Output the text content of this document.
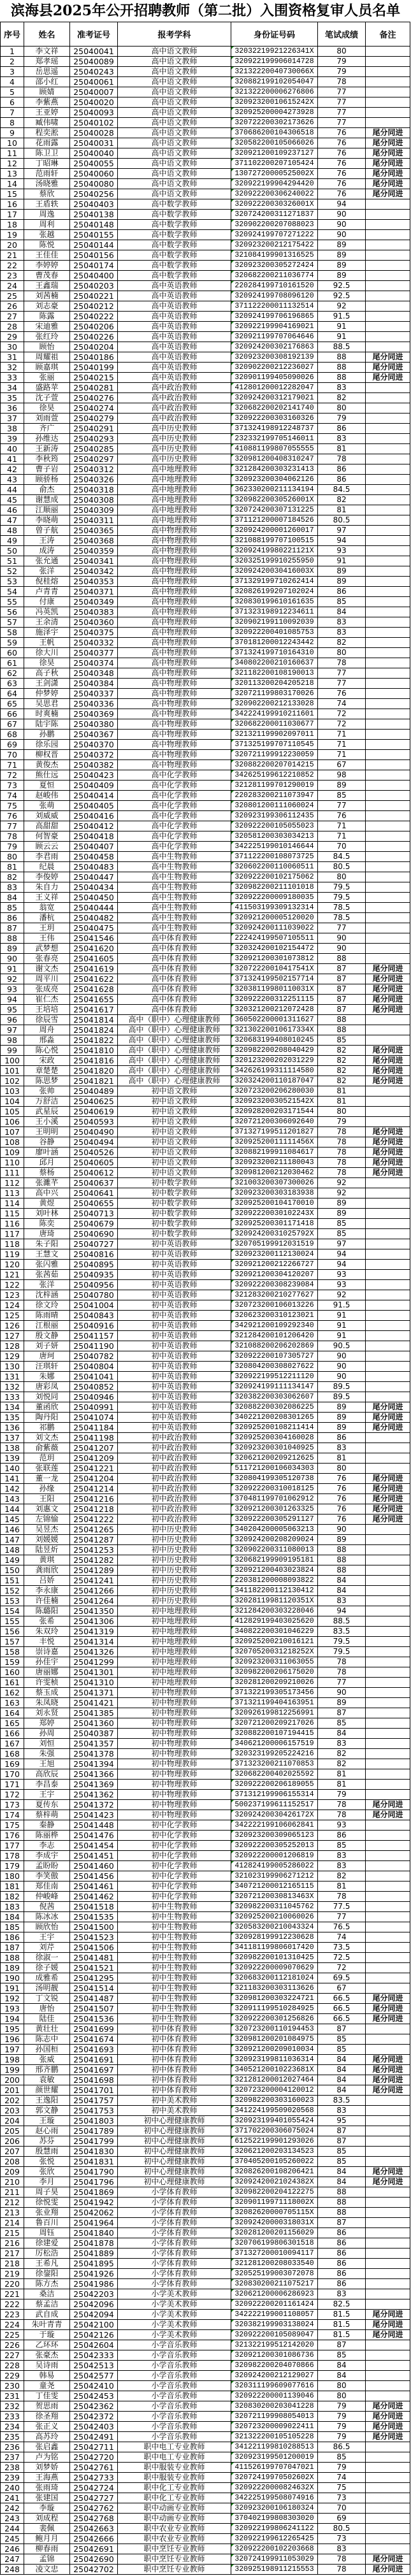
滨海县2025年公开招聘教师（第二批）入围资格复审人员名单
序号	姓名	准考证号	报考学科	身份证号码	笔试成绩	备注
1	李文祥	25040041	高中语文教师	32032219921226341X	80	
2	郑孝瑶	25040089	高中语文教师	320922199906014728	79	
3	岳思遥	25040243	高中语文教师	32132220040730066X	79	
4	邵小红	25040061	高中语文教师	320882199102054047	78	
5	顾婧	25040007	高中语文教师	321322200006276806	77	
6	李紫燕	25040020	高中语文教师	32092320010615242X	77	
7	王亚婷	25040093	高中语文教师	320925200004273928	77	
8	臧伟啸	25040102	高中语文教师	320722200302173626	77	
9	程奕淞	25040028	高中语文教师	370686200104306518	76	尾分同进
10	花雨露	25040031	高中语文教师	320582200105066026	76	尾分同进
11	陈卫卫	25040040	高中语文教师	320921200109237127	76	尾分同进
12	丁昭琳	25040055	高中语文教师	371102200207105424	76	尾分同进
13	范雨轩	25040060	高中语文教师	13072720000525002X	76	尾分同进
14	汤晓雅	25040080	高中语文教师	320922199904294420	76	尾分同进
15	蔡欣	25040256	高中语文教师	320922200306240022	76	尾分同进
16	王盾轶	25040403	高中数学教师	32092220030326001X	94	
17	周逸	25040138	高中数学教师	320724200311271837	90	
18	周利	25040148	高中数学教师	320902200207088023	90	
19	张越	25040155	高中数学教师	320924199707271222	90	
20	陈悦	25040144	高中数学教师	320923200212175422	89	
21	王佳佳	25040156	高中数学教师	321084199901316525	89	
22	李婷婷	25040174	高中数学教师	320923200305272424	89	
23	曹茂春	25040400	高中数学教师	320682200211036774	89	
24	王鑫瑞	25040203	高中英语教师	220284199710161520	92.5	
25	刘茜楠	25040221	高中英语教师	320924199708096120	92.5	
26	刘志豪	25040212	高中英语教师	371122200011132514	92	
27	陈露	25040222	高中英语教师	320924199706196865	91.5	
28	宋迪雅	25040206	高中英语教师	320922199904169021	91	
29	张红玲	25040226	高中英语教师	320921199707064646	91	
30	顾怡	25040204	高中英语教师	320924200302176863	88.5	
31	周耀祖	25040186	高中英语教师	320923200308192139	88	尾分同进
32	顾嘉琪	25040199	高中英语教师	320902200212236027	88	尾分同进
33	张丽	25040215	高中英语教师	320901199405090026	88	尾分同进
34	盛路苹	25040281	高中政治教师	412801200012282047	83	
35	沈子萱	25040276	高中政治教师	320924200312179021	82	
36	徐昊	25040274	高中政治教师	320682200202141740	80	
37	刘雨萱	25040279	高中政治教师	320922200303160326	79	
38	齐广	25040291	高中历史教师	371324198912248737	86	
39	孙维达	25040293	高中历史教师	232332199705146011	83	
40	王新涛	25040285	高中历史教师	410881199807055555	81	
41	李秋筠	25040297	高中历史教师	320981200408310247	78	
42	曹子岩	25040312	高中地理教师	321284200303231413	86	
43	顾骄杨	25040326	高中地理教师	320923200304062126	86	
44	俞杰	25040318	高中地理教师	362330200211134194	84.5	
45	谢慧成	25040308	高中地理教师	32098220030526001X	82	
46	江顺丽	25040309	高中地理教师	320724200307131225	81	
47	李晓萌	25040311	高中地理教师	371121200007184526	80.5	
48	曾子航	25040365	高中物理教师	320924200001260017	97	
49	王涛	25040368	高中物理教师	321088199707100515	94	
50	成涛	25040359	高中物理教师	32092419980221121X	93	
51	张允通	25040341	高中物理教师	320325199910255950	91	
52	张洋	25040342	高中物理教师	32092420030416003X	89	
53	倪桂熔	25040353	高中物理教师	371329199710262414	89	
54	卢青青	25040371	高中物理教师	320826199207102024	86	
55	付康	25040349	高中物理教师	320830199610161635	85	
56	冯英凯	25040383	高中物理教师	371323198912234611	84	
57	王余清	25040360	高中物理教师	320902199110092039	83	
58	施泽宇	25040375	高中物理教师	320922200401085753	83	
59	王帆	25040332	高中物理教师	370181200012243442	82	
60	徐大川	25040377	高中物理教师	371324199710164310	80	
61	徐昊	25040374	高中物理教师	340802200210160637	78	
62	高子秋	25040348	高中物理教师	321182200108190013	77	
63	王剑潇	25040384	高中物理教师	320113200204205218	77	
64	仲梦婷	25040337	高中物理教师	320721199803170026	76	
65	吴思君	25040336	高中物理教师	320902200212133028	74	
66	时爽楠	25040369	高中物理教师	342224199910211601	72	
67	陆宇陈	25040380	高中物理教师	320682200011030677	72	
68	孙鹏	25040367	高中物理教师	321321199902097011	71	
69	徐乐园	25040370	高中物理教师	371325199707110545	71	
70	柳权晋	25040372	高中物理教师	320721199912230059	71	
71	黄俊杰	25040382	高中物理教师	320882200207014215	67	
72	熊仕远	25040423	高中化学教师	342625199612210852	98	
73	夏恒	25040409	高中化学教师	321281199701290019	89	
74	赵峻伟	25040414	高中化学教师	220283200211073947	85	
75	张萌	25040405	高中化学教师	320801200111060024	77	
76	刘威威	25040416	高中化学教师	320923199306112435	76	
77	高甜甜	25040412	高中化学教师	320922200105055023	71	
78	何智豪	25040418	高中化学教师	320581200303034213	71	
79	顾云云	25040407	高中化学教师	342225199010146644	70	
80	李君雨	25040458	高中生物教师	371122200108073725	84.5	
81	纪晨	25040483	高中生物教师	320602200110060511	80.5	
82	李俊婷	25040447	高中生物教师	320922200102175062	80	
83	朱自力	25040434	高中生物教师	320982200211101018	79.5	
84	王义祥	25040450	高中生物教师	320922200009180035	79.5	
85	翁宽	25040444	高中生物教师	411503199309132314	78.5	
86	潘杭	25040482	高中生物教师	320921200005120020	78.5	
87	王玥	25040475	高中生物教师	320924200111039022	77	
88	王伟	25041546	高中体育教师	222424199507105511	90	
89	武梦想	25041620	高中体育教师	320324200102154472	90	
90	张春亮	25041605	高中体育教师	320921200301073812	88	
91	谢文杰	25041619	高中体育教师	32072220010417541X	87	尾分同进
92	周平川	25041622	高中体育教师	371324199502157714	87	尾分同进
93	张成亮	25041628	高中体育教师	32038119980110031X	87	尾分同进
94	崔仁杰	25041655	高中体育教师	320922200312251115	87	尾分同进
95	王培培	25041617	高中体育教师	320321200212072428	87	尾分同进
96	徐辰雪	25041814	高中（职中）心理健康教师	360502200001311627	88	
97	周舟	25041824	高中（职中）心理健康教师	32130220010617334X	88	
98	邢淼	25041822	高中（职中）心理健康教师	320683199408010245	85	
99	陈心悦	25041810	高中（职中）心理健康教师	320982200208040429	82	尾分同进
100	宋政	25041816	高中（职中）心理健康教师	320123200202031229	82	尾分同进
101	章楚楚	25041820	高中（职中）心理健康教师	342626199311114580	82	尾分同进
102	陈思梦	25041821	高中（职中）心理健康教师	320324200110187047	82	尾分同进
103	张帅	25040489	初中语文教师	320723200206280030	81	
104	万舒洁	25040625	初中语文教师	32092320030521542X	81	
105	武星辰	25040619	初中语文教师	320928200203171544	80	
106	王小溪	25040593	初中语文教师	320721200306092640	79	
107	王明明	25040490	初中语文教师	371327199511201827	78	尾分同进
108	谷静	25040494	初中语文教师	32092520011111456X	78	尾分同进
109	廖叶涵	25040526	初中语文教师	320882199911084617	78	尾分同进
110	邱月	25040605	初中语文教师	320923200211180043	78	尾分同进
111	蔡杨	25040612	初中语文教师	320981200212030462	78	尾分同进
112	张濉芊	25040637	初中数学教师	321003200307300026	92	
113	高中兴	25040641	初中数学教师	320923200303183938	92	
114	黄煜	25040655	初中数学教师	320925200104170010	89	
115	刘叶林	25040713	初中数学教师	32092220030102243X	89	
116	陈奕	25040679	初中数学教师	320925200301171418	85	
117	唐琦	25040690	初中数学教师	32092420031025792X	85	
118	朱子阳	25040727	初中英语教师	320705199912031519	97	
119	王慧文	25040816	初中英语教师	320923200112130024	94	
120	张闪雅	25040895	初中英语教师	320921200212266727	94	
121	张茜茹	25040935	初中英语教师	320921200304120207	93	
122	张洋	25040956	初中英语教师	320922200308239084	93	
123	沈梓涵	25040780	初中英语教师	321283200210277627	92	
124	徐文玲	25041004	初中英语教师	320723200106013226	91.5	
125	陈雨晴	25040843	初中英语教师	320623200310123021	91	
126	江根丽	25040916	初中英语教师	342921200109292340	91	
127	殷文静	25041157	初中英语教师	321284200101206420	91	
128	刘子妍	25041190	初中英语教师	321088200206202869	90.5	
129	唐珂	25040782	初中英语教师	320922200107305727	90	
130	汪琪轩	25040804	初中英语教师	320804200308027622	90	
131	朱娜	25041041	初中英语教师	320922199512211120	90	
132	唐彩凤	25040852	初中英语教师	320924199111134147	89.5	
133	刘悦同	25040946	初中英语教师	320382200303062607	89.5	
134	董函欣	25040991	初中英语教师	320882200302086225	89	尾分同进
135	陶丹阳	25041074	初中英语教师	340221200208301265	89	尾分同进
136	祁鹏	25041184	初中英语教师	320925200108211414	89	尾分同进
137	刘文杰	25041198	初中政治教师	320925200304160028	86	
138	俞紫薇	25041207	初中政治教师	320923200301040925	83	
139	范玥	25041209	初中政治教师	320621200209212625	81	
140	张联莲	25041221	初中政治教师	511721200106034303	80	
141	董一龙	25041204	初中政治教师	320804199305120738	76	尾分同进
142	孙缘	25041214	初中政治教师	320922200310018125	76	尾分同进
143	王阳	25041216	初中政治教师	370481199701062912	76	尾分同进
144	刘惠文	25041218	初中政治教师	320921200301263325	76	尾分同进
145	左锦愉	25041222	初中政治教师	320922200305291127	76	尾分同进
146	吴昱杰	25041265	初中历史教师	340204200005063213	90	
147	刘媛媛	25041287	初中历史教师	320924200208209024	89	
148	陆昱炘	25041253	初中历史教师	320902200311080013	88	
149	黄琪	25041282	初中历史教师	320682199909195181	88	
150	龚雨欣	25041289	初中历史教师	320921200403023824	88	
151	吕娇	25041241	初中历史教师	220381200008093822	84	
152	李永康	25041266	初中历史教师	341182200112130412	84	
153	许佳楠	25041264	初中历史教师	32028119981120351X	83	
154	陈璐阳	25041350	初中地理教师	321284200303228046	94	
155	张希	25041306	初中地理教师	412829199403025620	88.5	
156	朱双玲	25041319	初中地理教师	340822200301046229	83.5	
157	丰悦	25041314	初中地理教师	320925200210016121	79.5	
158	崇诗嘉	25041326	初中地理教师	32070520031218252X	79.5	
159	孙佳宇	25041299	初中地理教师	320923200311063055	78	
160	唐丽娜	25041301	初中地理教师	320982200206175020	78	
161	许雯桢	25041310	初中地理教师	320281200209210026	77	
162	蔡玉成	25041371	初中物理教师	371322199305173456	90	
163	朱凤晓	25041421	初中物理教师	371321199404163951	89	
164	刘永贤	25041385	初中物理教师	320926199812256991	87	
165	郑婷	25041360	初中物理教师	320721200209217026	85	
166	孙周	25040387	初中物理教师	320882200107194415	84	
167	刘恒	25041357	初中物理教师	340621200006157519	83	
168	朱强	25041378	初中物理教师	320323199205224216	82	
169	王旭	25041394	初中物理教师	371323200211070853	82	
170	高欣辰	25041366	初中物理教师	320682200402025592	81	
171	李昌泰	25041369	初中物理教师	320922200206189055	81	
172	王宇	25041362	初中物理教师	371312199906155314	79	
173	夏传东	25041372	初中物理教师	500237199611152517	78	尾分同进
174	蔡梓萌	25041423	初中物理教师	32092420030426172X	78	尾分同进
175	秦静	25041448	初中化学教师	342222199106062841	93	
176	陈丽桦	25041476	初中化学教师	320923200309065123	86	
177	李志	25041454	初中化学教师	320922200305252013	85	
178	李成宇	25041451	初中化学教师	320922200001206819	83	
179	孟盼盼	25041460	初中化学教师	412824199005286022	83	
180	李笑傲	25041456	初中化学教师	321023199906271212	82	
181	郑佳南	25041461	初中化学教师	340721200012165115	81	
182	仲峻峰	25041462	初中化学教师	32072120030813463X	78	
183	倪茜	25041518	初中生物教师	320982200311045762	77.5	
184	陈冰冰	25041535	初中生物教师	320925200210060026	77	
185	顾欣怡	25041500	初中生物教师	320583200210043324	76.5	
186	王宇	25041523	初中生物教师	320928199912230628	74	
187	刘芹	25041506	初中生物教师	341181199806017420	73.5	
188	徐淑一	25041481	初中生物教师	320982200101310425	72.5	
189	徐子媛	25041521	初中生物教师	320922200009070629	72	
190	成雅希	25041295	初中生物教师	320683200112181024	69.5	
191	汤明靓	25041514	初中生物教师	321183200303113626	67	
192	丁文锐	25041487	初中生物教师	320981200303224721	66.5	尾分同进
193	唐怡	25041507	初中生物教师	320911199510284925	66.5	尾分同进
194	陆佳	25041536	初中生物教师	320922200301256826	66.5	尾分同进
195	黄壮壮	25041699	初中体育教师	320723200110194453	87	
196	陈志中	25041674	初中体育教师	320981200201084975	85	
197	孙国桓	25041693	初中体育教师	320921200209010034	85	
198	张威	25041691	初中体育教师	320923199811036314	84	尾分同进
199	邢齐鹏	25041697	初中体育教师	34052120010223681X	84	尾分同进
200	袁敏	25041698	初中体育教师	321281200012027464	84	尾分同进
201	颜世耀	25041701	初中体育教师	320723200004120012	84	尾分同进
202	王逸阳	25041757	初中美术教师	320982200303160023	83.5	
203	郭文静	25041753	初中美术教师	341224199509020568	83	
204	王璇	25041803	初中心理健康教师	320923199401055424	95	
205	赵心雨	25041789	初中心理健康教师	371702200306075024	87	
206	苏芬	25041799	初中心理健康教师	612522199901293026	87	
207	殷慧雨	25041830	初中心理健康教师	320621200203134523	85	
208	张悦	25041831	初中心理健康教师	370405200105260022	85	
209	张欣	25041790	初中心理健康教师	320826200108206421	84	尾分同进
210	李月	25041796	初中心理健康教师	32092420021024382X	84	尾分同进
211	周子昊	25041869	小学体育教师	320982200204122275	88	
212	徐悦雯	25041942	小学体育教师	32090119971118002X	88	
213	张业翔	25042062	小学体育教师	32082620000705115X	88	
214	鲁百川	25041964	小学体育教师	32092420000318031X	87	
215	周钰	25041840	小学体育教师	320281200201156029	86	
216	徐建爱	25041878	小学体育教师	320706199806301518	86	
217	厉松浩	25041889	小学体育教师	371327200010094117	86	
218	王希凡	25041895	小学体育教师	321281200208033540	86	
219	徐鋆阳	25041926	小学体育教师	320525199003072078	86	
220	陈方杰	25041986	小学体育教师	320830200211075217	86	
221	桑洁	25042203	小学美术教师	320621200006286923	83	
222	蔡孟洁	25042096	小学美术教师	320922200201161424	82.5	
223	武自成	25042094	小学美术教师	342222199001108057	81.5	尾分同进
224	朱叶青青	25042100	小学美术教师	320382199903138024	81.5	尾分同进
225	于璇	25042126	小学美术教师	320922200105089047	81.5	尾分同进
226	乙环环	25042604	小学音乐教师	321322199512142020	87	
227	张豪杰	25042333	小学音乐教师	320921200301086736	85	
228	吴诗雨	25042513	小学音乐教师	320982200204070866	84	
229	韩易	25042577	小学音乐教师	320924200212129027	84	
230	童尧	25042410	小学音乐教师	320311199609077616	80	
231	丁佳雯	25042453	小学音乐教师	320922200001139046	80	
232	贺思雨	25042362	小学音乐教师	320830200203041228	79	尾分同进
233	徐圣翔	25042372	小学音乐教师	320721199908054013	79	尾分同进
234	张正义	25042403	小学音乐教师	320723200009022411	79	尾分同进
235	高苏玲	25042491	小学音乐教师	321322200105105228	79	尾分同进
236	张启鑫	25042711	职中电工专业教师	341221199810288513	86.5	
237	卢为铭	25042720	职中电工专业教师	320923199501200019	85	
238	刘梦娇	25042761	职中服装专业教师	411526199707047021	79	
239	王海燕	25042733	职中服装专业教师	32072419970502602X	74	
240	张雨琦	25042724	职中化工专业教师	32092220000824632X	75	
241	张建国	25042727	职中化工专业教师	342225199508074916	73	
242	李璇	25042762	职中动画专业教师	320923200106180324	70	
243	刘成程	25042768	职中动画专业教师	370402199808303020	69	
244	裴佩	25042663	职中农业专业教师	320922199806241122	80.5	
245	鲍月月	25042666	职中农业专业教师	320922199612265425	73	
246	柳春雨	25042691	职中烹饪专业教师	320922200102203668	83	
247	孟锦	25042690	职中烹饪专业教师	320724199911053029	78	尾分同进
248	凌文忠	25042702	职中烹饪专业教师	320925198911215553	78	尾分同进
